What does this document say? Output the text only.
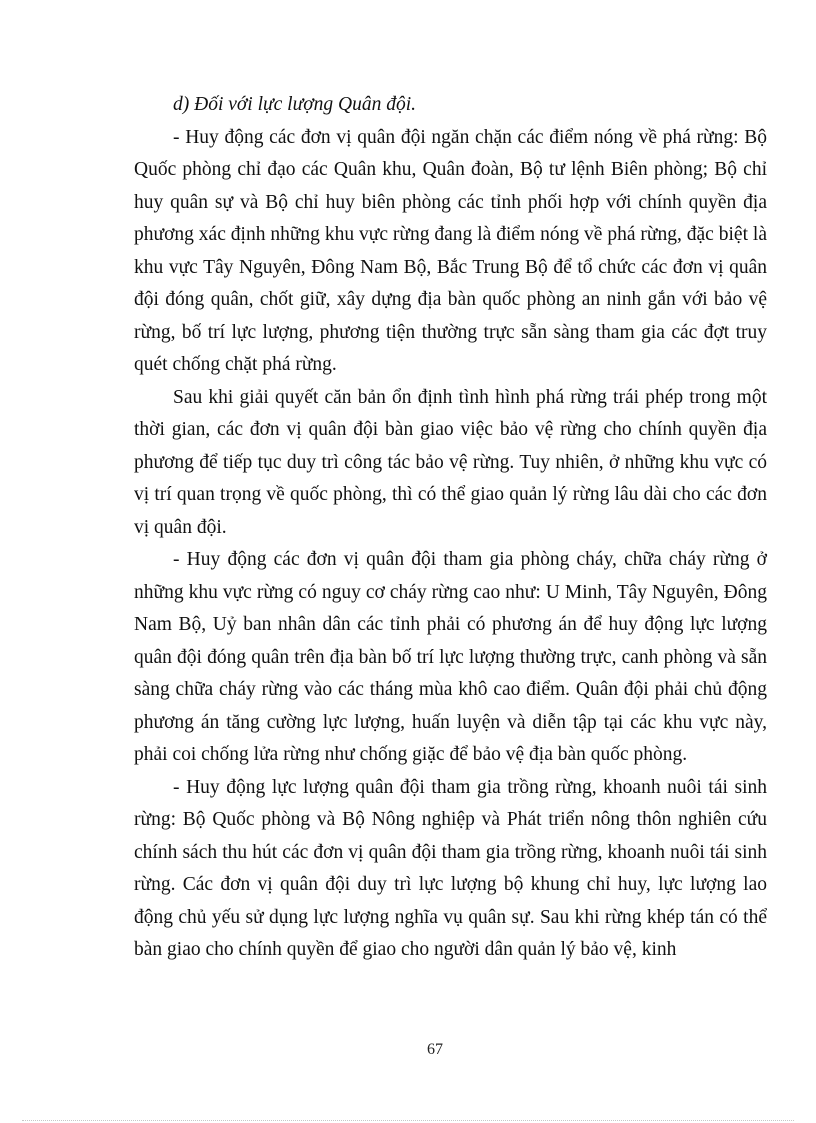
d) Đối với lực lượng Quân đội.

- Huy động các đơn vị quân đội ngăn chặn các điểm nóng về phá rừng: Bộ Quốc phòng chỉ đạo các Quân khu, Quân đoàn, Bộ tư lệnh Biên phòng; Bộ chỉ huy quân sự và Bộ chỉ huy biên phòng các tỉnh phối hợp với chính quyền địa phương xác định những khu vực rừng đang là điểm nóng về phá rừng, đặc biệt là khu vực Tây Nguyên, Đông Nam Bộ, Bắc Trung Bộ để tổ chức các đơn vị quân đội đóng quân, chốt giữ, xây dựng địa bàn quốc phòng an ninh gắn với bảo vệ rừng, bố trí lực lượng, phương tiện thường trực sẵn sàng tham gia các đợt truy quét chống chặt phá rừng.

Sau khi giải quyết căn bản ổn định tình hình phá rừng trái phép trong một thời gian, các đơn vị quân đội bàn giao việc bảo vệ rừng cho chính quyền địa phương để tiếp tục duy trì công tác bảo vệ rừng. Tuy nhiên, ở những khu vực có vị trí quan trọng về quốc phòng, thì có thể giao quản lý rừng lâu dài cho các đơn vị quân đội.

- Huy động các đơn vị quân đội tham gia phòng cháy, chữa cháy rừng ở những khu vực rừng có nguy cơ cháy rừng cao như: U Minh, Tây Nguyên, Đông Nam Bộ, Uỷ ban nhân dân các tỉnh phải có phương án để huy động lực lượng quân đội đóng quân trên địa bàn bố trí lực lượng thường trực, canh phòng và sẵn sàng chữa cháy rừng vào các tháng mùa khô cao điểm. Quân đội phải chủ động phương án tăng cường lực lượng, huấn luyện và diễn tập tại các khu vực này, phải coi chống lửa rừng như chống giặc để bảo vệ địa bàn quốc phòng.

- Huy động lực lượng quân đội tham gia trồng rừng, khoanh nuôi tái sinh rừng: Bộ Quốc phòng và Bộ Nông nghiệp và Phát triển nông thôn nghiên cứu chính sách thu hút các đơn vị quân đội tham gia trồng rừng, khoanh nuôi tái sinh rừng. Các đơn vị quân đội duy trì lực lượng bộ khung chỉ huy, lực lượng lao động chủ yếu sử dụng lực lượng nghĩa vụ quân sự. Sau khi rừng khép tán có thể bàn giao cho chính quyền để giao cho người dân quản lý bảo vệ, kinh

67
